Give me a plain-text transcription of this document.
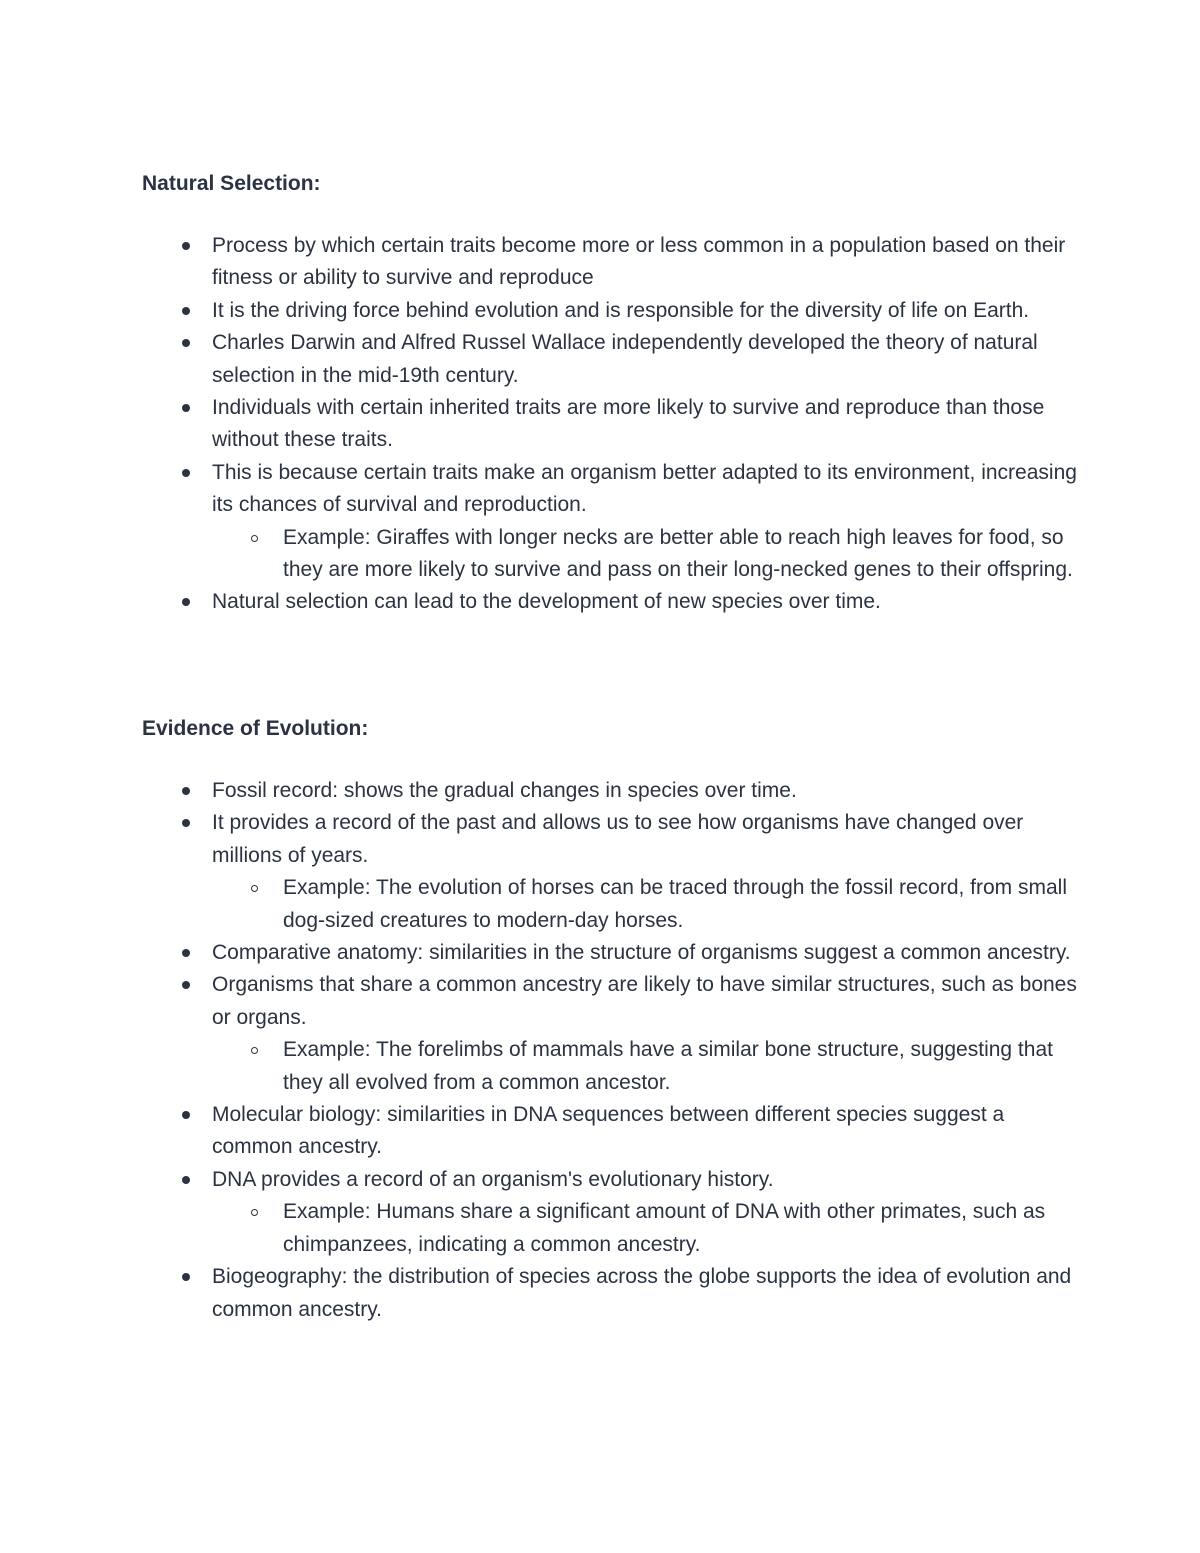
Natural Selection:
Process by which certain traits become more or less common in a population based on their fitness or ability to survive and reproduce
It is the driving force behind evolution and is responsible for the diversity of life on Earth.
Charles Darwin and Alfred Russel Wallace independently developed the theory of natural selection in the mid-19th century.
Individuals with certain inherited traits are more likely to survive and reproduce than those without these traits.
This is because certain traits make an organism better adapted to its environment, increasing its chances of survival and reproduction.
Example: Giraffes with longer necks are better able to reach high leaves for food, so they are more likely to survive and pass on their long-necked genes to their offspring.
Natural selection can lead to the development of new species over time.
Evidence of Evolution:
Fossil record: shows the gradual changes in species over time.
It provides a record of the past and allows us to see how organisms have changed over millions of years.
Example: The evolution of horses can be traced through the fossil record, from small dog-sized creatures to modern-day horses.
Comparative anatomy: similarities in the structure of organisms suggest a common ancestry.
Organisms that share a common ancestry are likely to have similar structures, such as bones or organs.
Example: The forelimbs of mammals have a similar bone structure, suggesting that they all evolved from a common ancestor.
Molecular biology: similarities in DNA sequences between different species suggest a common ancestry.
DNA provides a record of an organism's evolutionary history.
Example: Humans share a significant amount of DNA with other primates, such as chimpanzees, indicating a common ancestry.
Biogeography: the distribution of species across the globe supports the idea of evolution and common ancestry.
